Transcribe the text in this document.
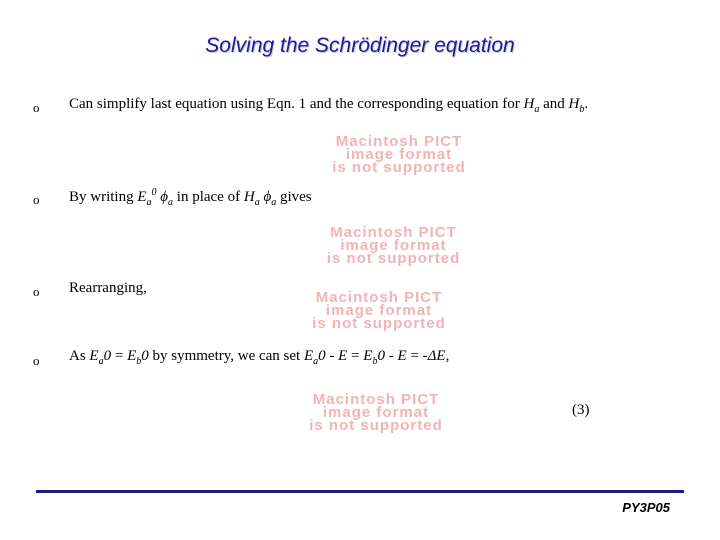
Solving the Schrödinger equation
o Can simplify last equation using Eqn. 1 and the corresponding equation for $H_a$ and $H_b$.
Macintosh PICT
image format
is not supported
o By writing $E_a^0$ $\phi_a$ in place of $H_a$ $\phi_a$ gives
Macintosh PICT
image format
is not supported
o Rearranging,
Macintosh PICT
image format
is not supported
o As $E_a0 = E_b0$ by symmetry, we can set $E_a0 - E = E_b0 - E = -\Delta E$,
Macintosh PICT
image format
is not supported
(3)
PY3P05
